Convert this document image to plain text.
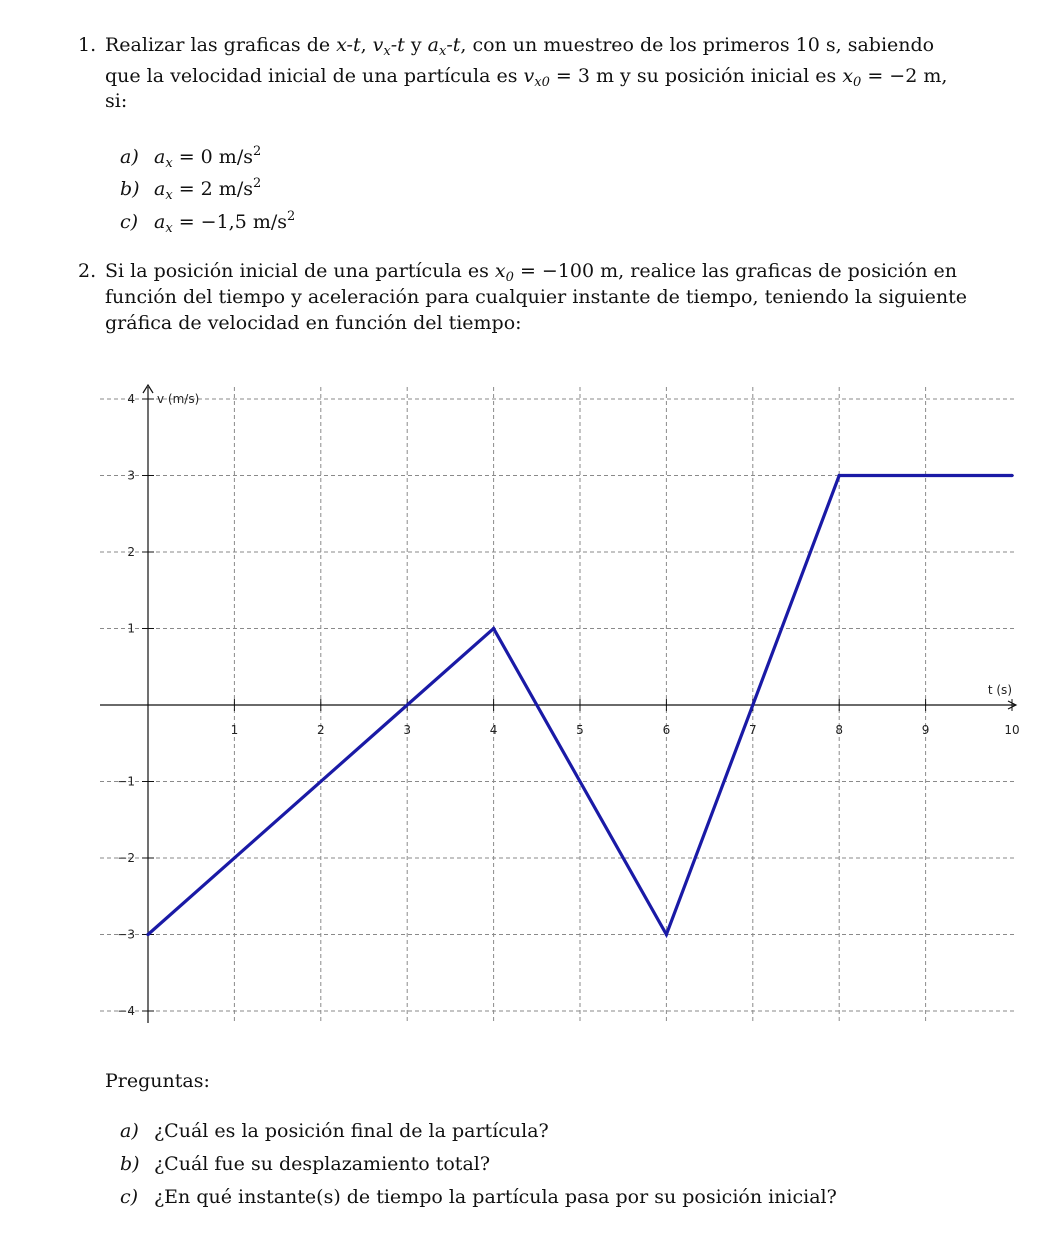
1. Realizar las graficas de x-t, $v_x-t$ y $a_x-t$, con un muestreo de los primeros 10 s, sabiendo
que la velocidad inicial de una partícula es $v_{x0} = 3$ m y su posición inicial es $x_0 = -2$ m,
si:
a) $a_x = 0$ $m/s^2$
b) $a_x = 2$ $m/s^2$
c) $a_x = -1,5$ $m/s^2$
2. Si la posición inicial de una partícula es $x_0 = -100$ m, realice las graficas de posición en
función del tiempo y aceleración para cualquier instante de tiempo, teniendo la siguiente
gráfica de velocidad en función del tiempo:
1	2	3	4	5	6	7	8	9	10
4
3
2
1
−1
−2
−3
−4
v (m/s)
t (s)
Preguntas:
a) ¿Cuál es la posición final de la partícula?
b) ¿Cuál fue su desplazamiento total?
c) ¿En qué instante(s) de tiempo la partícula pasa por su posición inicial?
